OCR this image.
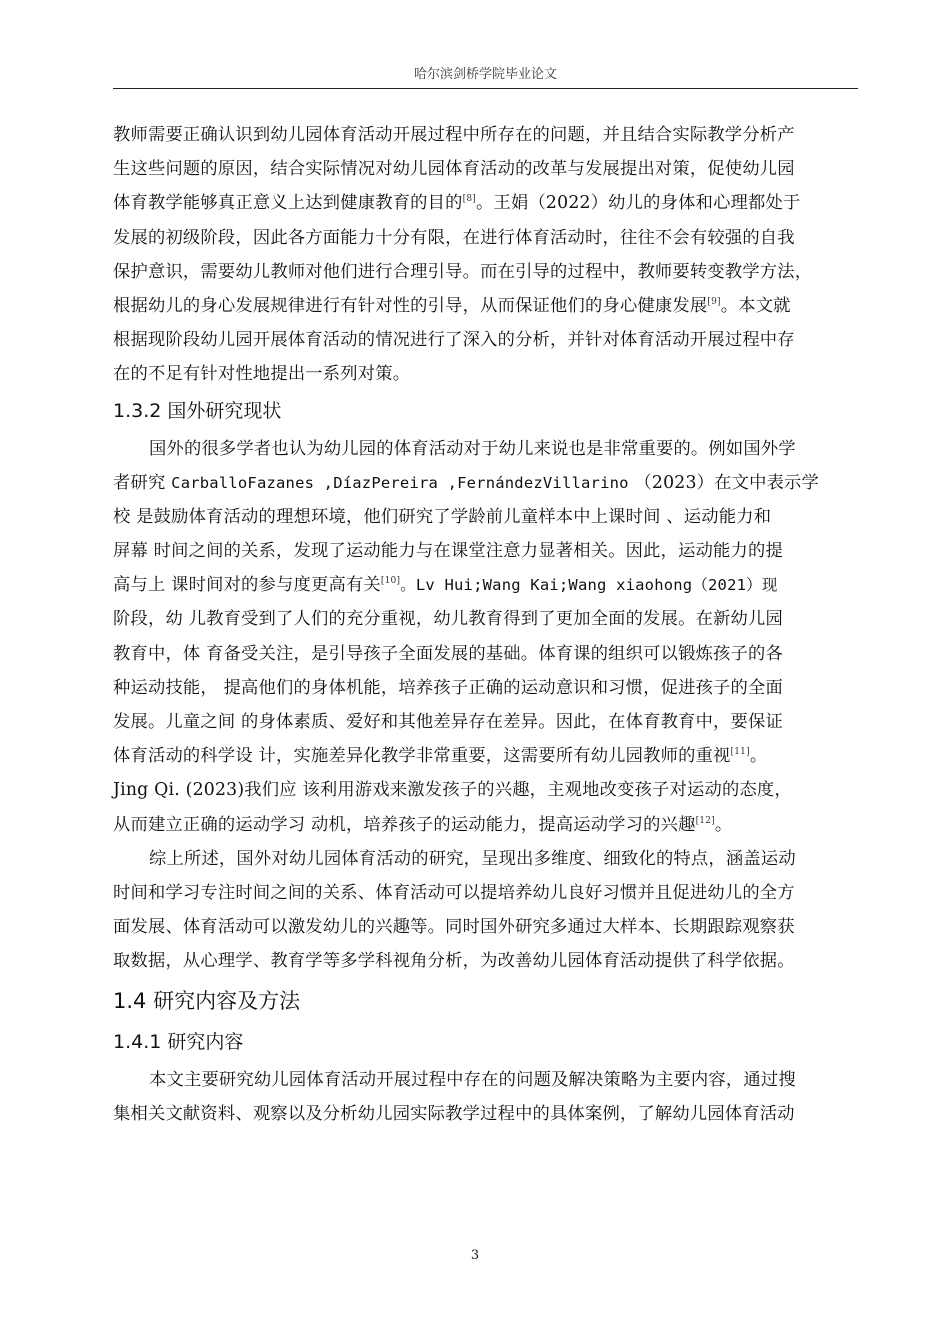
哈尔滨剑桥学院毕业论文
教师需要正确认识到幼儿园体育活动开展过程中所存在的问题，并且结合实际教学分析产
生这些问题的原因，结合实际情况对幼儿园体育活动的改革与发展提出对策，促使幼儿园
体育教学能够真正意义上达到健康教育的目的[8]。王娟（2022）幼儿的身体和心理都处于
发展的初级阶段，因此各方面能力十分有限，在进行体育活动时，往往不会有较强的自我
保护意识，需要幼儿教师对他们进行合理引导。而在引导的过程中，教师要转变教学方法，
根据幼儿的身心发展规律进行有针对性的引导，从而保证他们的身心健康发展[9]。本文就
根据现阶段幼儿园开展体育活动的情况进行了深入的分析，并针对体育活动开展过程中存
在的不足有针对性地提出一系列对策。
1.3.2 国外研究现状
国外的很多学者也认为幼儿园的体育活动对于幼儿来说也是非常重要的。例如国外学
者研究 CarballoFazanes ,DíazPereira ,FernándezVillarino （2023）在文中表示学
校 是鼓励体育活动的理想环境，他们研究了学龄前儿童样本中上课时间 、运动能力和
屏幕 时间之间的关系，发现了运动能力与在课堂注意力显著相关。因此，运动能力的提
高与上 课时间对的参与度更高有关[10]。Lv Hui;Wang Kai;Wang xiaohong（2021）现
阶段，幼 儿教育受到了人们的充分重视，幼儿教育得到了更加全面的发展。在新幼儿园
教育中，体 育备受关注，是引导孩子全面发展的基础。体育课的组织可以锻炼孩子的各
种运动技能， 提高他们的身体机能，培养孩子正确的运动意识和习惯，促进孩子的全面
发展。儿童之间 的身体素质、爱好和其他差异存在差异。因此，在体育教育中，要保证
体育活动的科学设 计，实施差异化教学非常重要，这需要所有幼儿园教师的重视[11]。
Jing Qi. (2023)我们应 该利用游戏来激发孩子的兴趣，主观地改变孩子对运动的态度，
从而建立正确的运动学习 动机，培养孩子的运动能力，提高运动学习的兴趣[12]。
综上所述，国外对幼儿园体育活动的研究，呈现出多维度、细致化的特点，涵盖运动
时间和学习专注时间之间的关系、体育活动可以提培养幼儿良好习惯并且促进幼儿的全方
面发展、体育活动可以激发幼儿的兴趣等。同时国外研究多通过大样本、长期跟踪观察获
取数据，从心理学、教育学等多学科视角分析，为改善幼儿园体育活动提供了科学依据。
1.4 研究内容及方法
1.4.1 研究内容
本文主要研究幼儿园体育活动开展过程中存在的问题及解决策略为主要内容，通过搜
集相关文献资料、观察以及分析幼儿园实际教学过程中的具体案例，了解幼儿园体育活动
3
